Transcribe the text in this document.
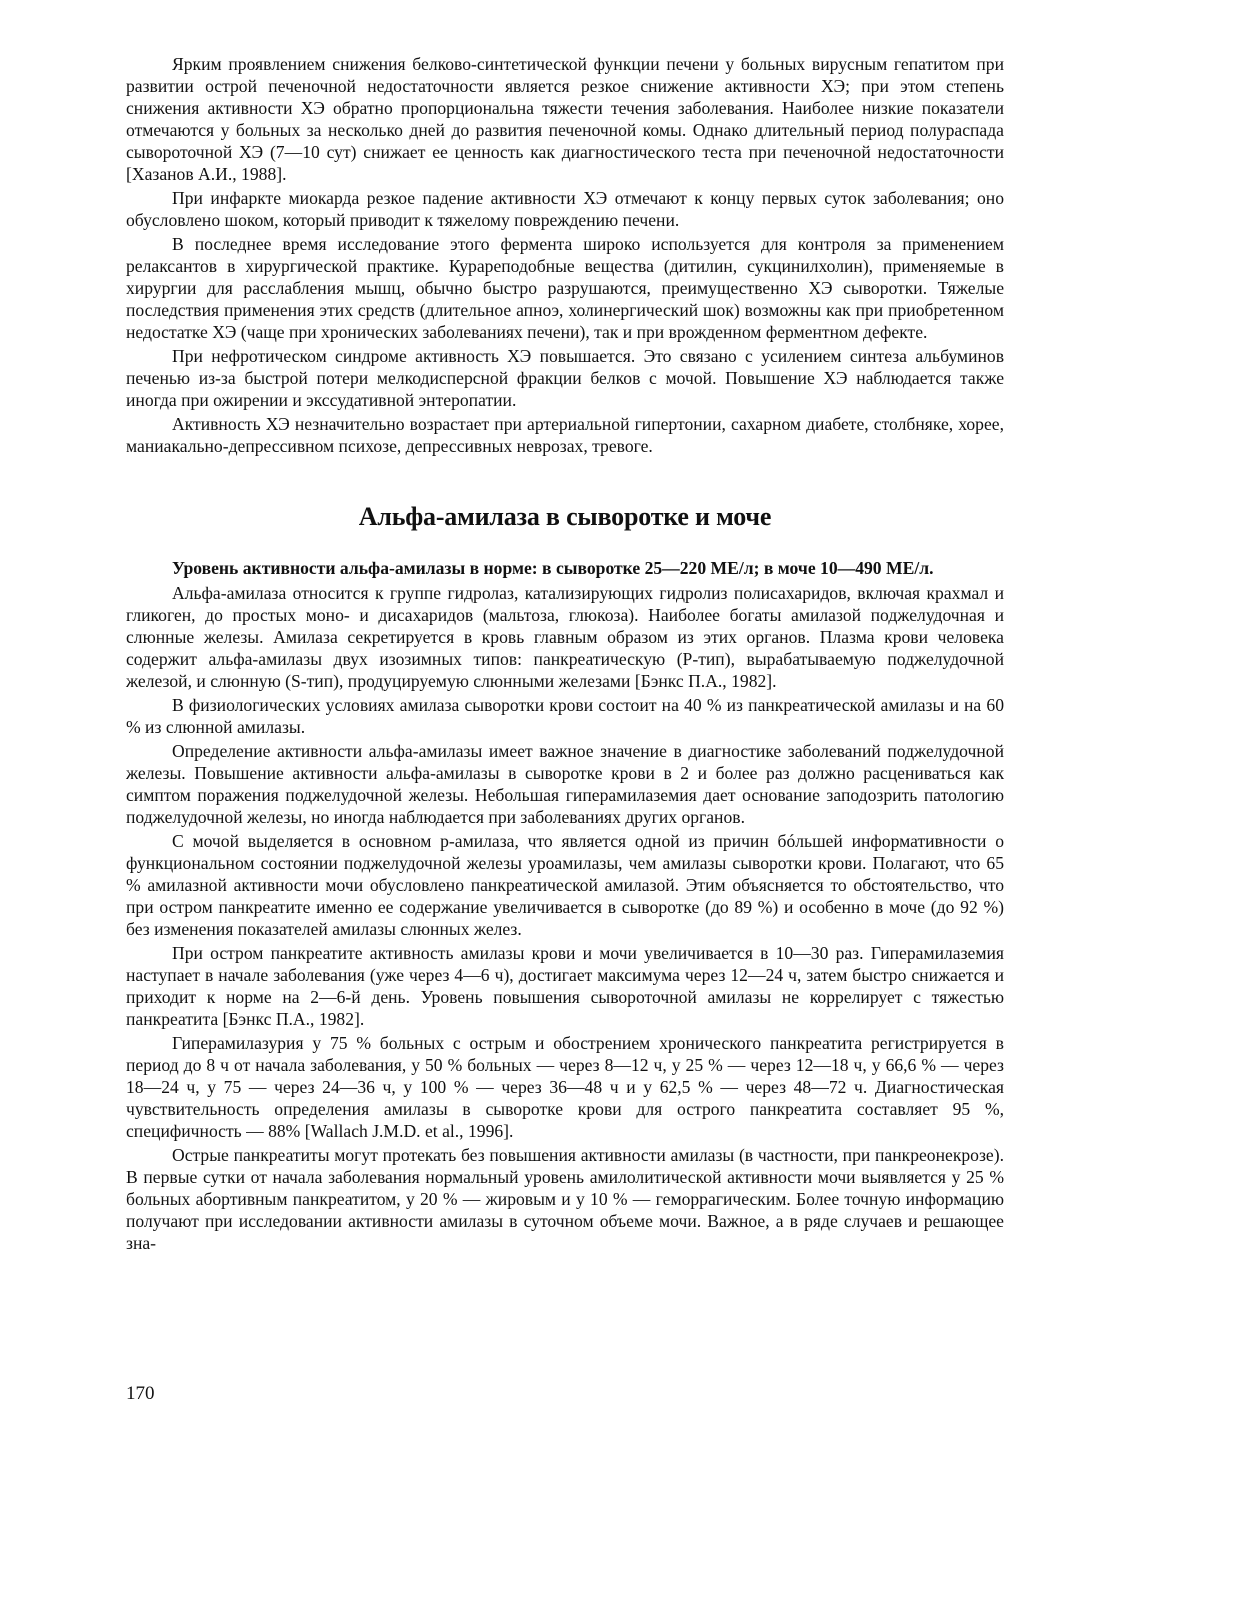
Ярким проявлением снижения белково-синтетической функции печени у больных вирусным гепатитом при развитии острой печеночной недостаточности является резкое снижение активности ХЭ; при этом степень снижения активности ХЭ обратно пропорциональна тяжести течения заболевания. Наиболее низкие показатели отмечаются у больных за несколько дней до развития печеночной комы. Однако длительный период полураспада сывороточной ХЭ (7—10 сут) снижает ее ценность как диагностического теста при печеночной недостаточности [Хазанов А.И., 1988].

При инфаркте миокарда резкое падение активности ХЭ отмечают к концу первых суток заболевания; оно обусловлено шоком, который приводит к тяжелому повреждению печени.

В последнее время исследование этого фермента широко используется для контроля за применением релаксантов в хирургической практике. Курареподобные вещества (дитилин, сукцинилхолин), применяемые в хирургии для расслабления мышц, обычно быстро разрушаются, преимущественно ХЭ сыворотки. Тяжелые последствия применения этих средств (длительное апноэ, холинергический шок) возможны как при приобретенном недостатке ХЭ (чаще при хронических заболеваниях печени), так и при врожденном ферментном дефекте.

При нефротическом синдроме активность ХЭ повышается. Это связано с усилением синтеза альбуминов печенью из-за быстрой потери мелкодисперсной фракции белков с мочой. Повышение ХЭ наблюдается также иногда при ожирении и экссудативной энтеропатии.

Активность ХЭ незначительно возрастает при артериальной гипертонии, сахарном диабете, столбняке, хорее, маниакально-депрессивном психозе, депрессивных неврозах, тревоге.

Альфа-амилаза в сыворотке и моче

Уровень активности альфа-амилазы в норме: в сыворотке 25—220 МЕ/л; в моче 10—490 МЕ/л.

Альфа-амилаза относится к группе гидролаз, катализирующих гидролиз полисахаридов, включая крахмал и гликоген, до простых моно- и дисахаридов (мальтоза, глюкоза). Наиболее богаты амилазой поджелудочная и слюнные железы. Амилаза секретируется в кровь главным образом из этих органов. Плазма крови человека содержит альфа-амилазы двух изозимных типов: панкреатическую (Р-тип), вырабатываемую поджелудочной железой, и слюнную (S-тип), продуцируемую слюнными железами [Бэнкс П.А., 1982].

В физиологических условиях амилаза сыворотки крови состоит на 40 % из панкреатической амилазы и на 60 % из слюнной амилазы.

Определение активности альфа-амилазы имеет важное значение в диагностике заболеваний поджелудочной железы. Повышение активности альфа-амилазы в сыворотке крови в 2 и более раз должно расцениваться как симптом поражения поджелудочной железы. Небольшая гиперамилаземия дает основание заподозрить патологию поджелудочной железы, но иногда наблюдается при заболеваниях других органов.

С мочой выделяется в основном р-амилаза, что является одной из причин бóльшей информативности о функциональном состоянии поджелудочной железы уроамилазы, чем амилазы сыворотки крови. Полагают, что 65 % амилазной активности мочи обусловлено панкреатической амилазой. Этим объясняется то обстоятельство, что при остром панкреатите именно ее содержание увеличивается в сыворотке (до 89 %) и особенно в моче (до 92 %) без изменения показателей амилазы слюнных желез.

При остром панкреатите активность амилазы крови и мочи увеличивается в 10—30 раз. Гиперамилаземия наступает в начале заболевания (уже через 4—6 ч), достигает максимума через 12—24 ч, затем быстро снижается и приходит к норме на 2—6-й день. Уровень повышения сывороточной амилазы не коррелирует с тяжестью панкреатита [Бэнкс П.А., 1982].

Гиперамилазурия у 75 % больных с острым и обострением хронического панкреатита регистрируется в период до 8 ч от начала заболевания, у 50 % больных — через 8—12 ч, у 25 % — через 12—18 ч, у 66,6 % — через 18—24 ч, у 75 — через 24—36 ч, у 100 % — через 36—48 ч и у 62,5 % — через 48—72 ч. Диагностическая чувствительность определения амилазы в сыворотке крови для острого панкреатита составляет 95 %, специфичность — 88% [Wallach J.M.D. et al., 1996].

Острые панкреатиты могут протекать без повышения активности амилазы (в частности, при панкреонекрозе). В первые сутки от начала заболевания нормальный уровень амилолитической активности мочи выявляется у 25 % больных абортивным панкреатитом, у 20 % — жировым и у 10 % — геморрагическим. Более точную информацию получают при исследовании активности амилазы в суточном объеме мочи. Важное, а в ряде случаев и решающее зна-

170
